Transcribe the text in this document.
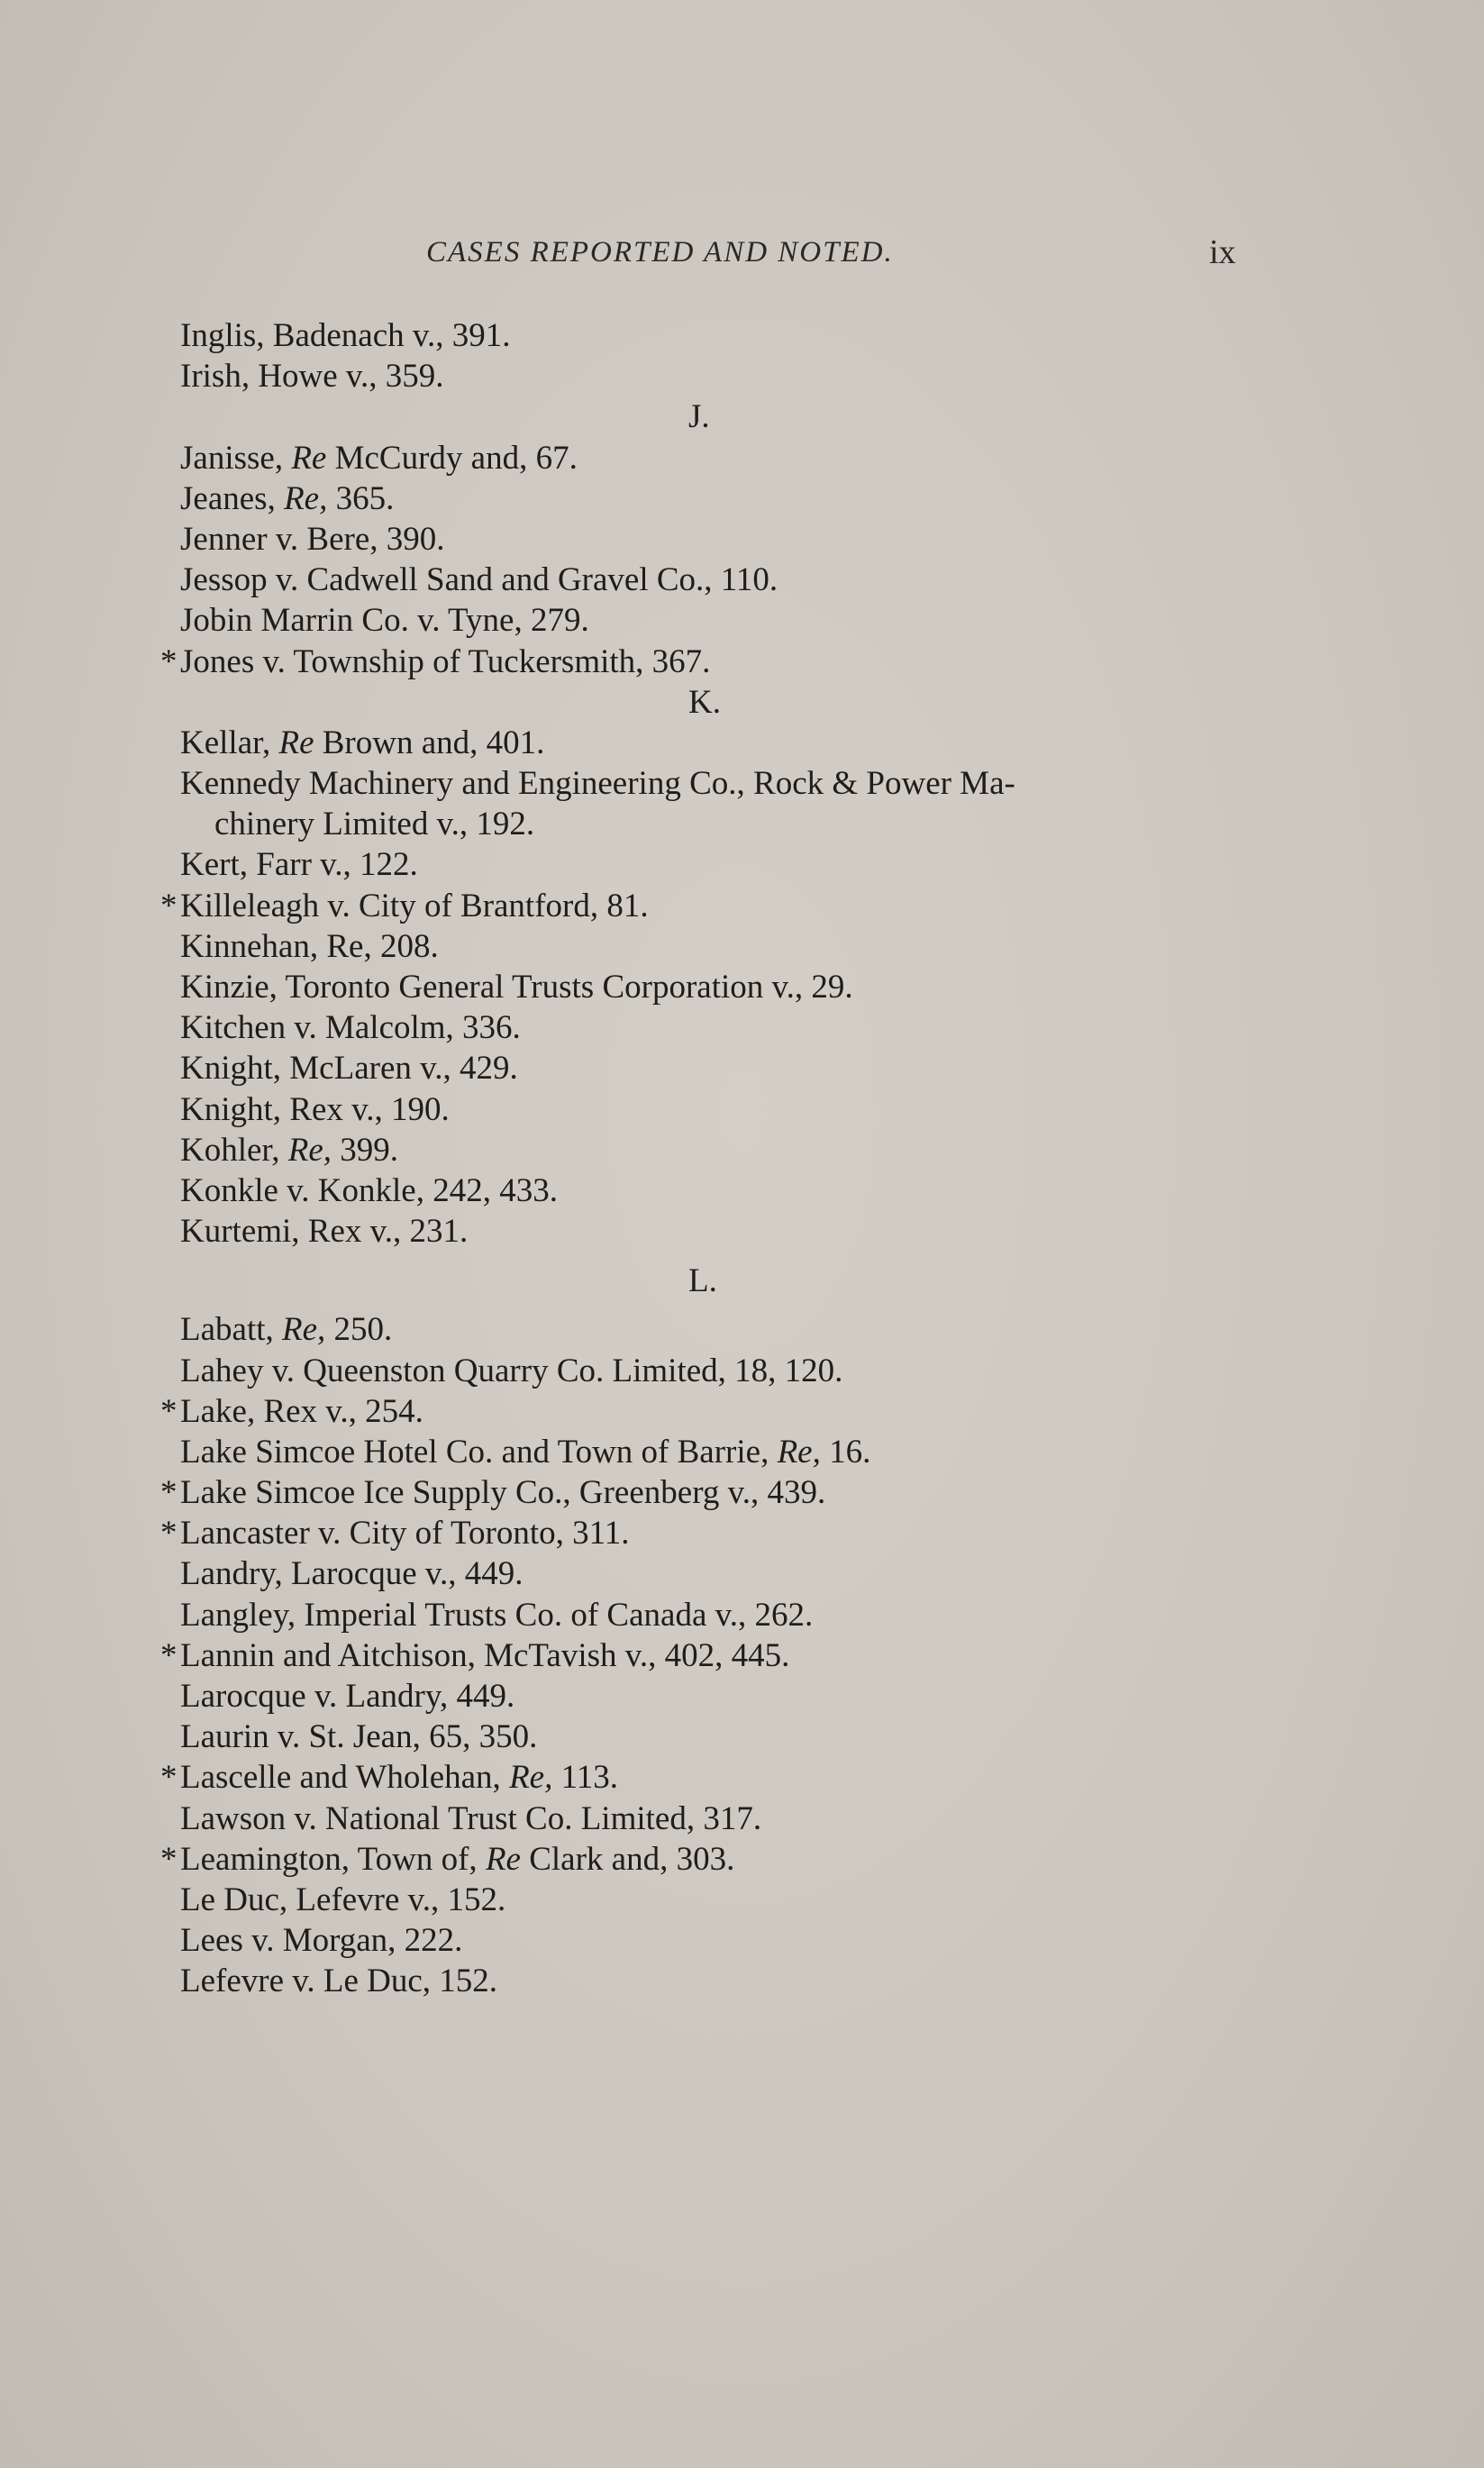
CASES REPORTED AND NOTED.	ix
Inglis, Badenach v., 391.
Irish, Howe v., 359.
J.
Janisse, Re McCurdy and, 67.
Jeanes, Re, 365.
Jenner v. Bere, 390.
Jessop v. Cadwell Sand and Gravel Co., 110.
Jobin Marrin Co. v. Tyne, 279.
* Jones v. Township of Tuckersmith, 367.
K.
Kellar, Re Brown and, 401.
Kennedy Machinery and Engineering Co., Rock & Power Ma-
chinery Limited v., 192.
Kert, Farr v., 122.
* Killeleagh v. City of Brantford, 81.
Kinnehan, Re, 208.
Kinzie, Toronto General Trusts Corporation v., 29.
Kitchen v. Malcolm, 336.
Knight, McLaren v., 429.
Knight, Rex v., 190.
Kohler, Re, 399.
Konkle v. Konkle, 242, 433.
Kurtemi, Rex v., 231.
L.
Labatt, Re, 250.
Lahey v. Queenston Quarry Co. Limited, 18, 120.
* Lake, Rex v., 254.
Lake Simcoe Hotel Co. and Town of Barrie, Re, 16.
* Lake Simcoe Ice Supply Co., Greenberg v., 439.
* Lancaster v. City of Toronto, 311.
Landry, Larocque v., 449.
Langley, Imperial Trusts Co. of Canada v., 262.
* Lannin and Aitchison, McTavish v., 402, 445.
Larocque v. Landry, 449.
Laurin v. St. Jean, 65, 350.
* Lascelle and Wholehan, Re, 113.
Lawson v. National Trust Co. Limited, 317.
* Leamington, Town of, Re Clark and, 303.
Le Duc, Lefevre v., 152.
Lees v. Morgan, 222.
Lefevre v. Le Duc, 152.
